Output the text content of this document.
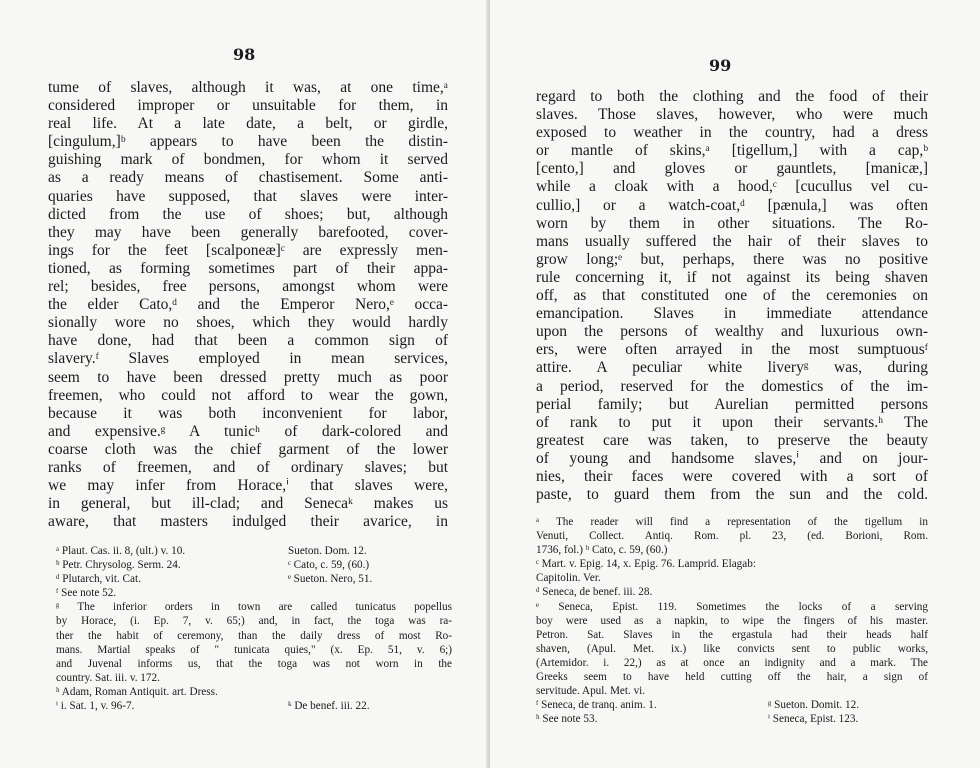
98
tume of slaves, although it was, at one time,ᵃ
considered improper or unsuitable for them, in
real life. At a late date, a belt, or girdle,
[cingulum,]ᵇ appears to have been the distin-
guishing mark of bondmen, for whom it served
as a ready means of chastisement. Some anti-
quaries have supposed, that slaves were inter-
dicted from the use of shoes; but, although
they may have been generally barefooted, cover-
ings for the feet [scalponeæ]ᶜ are expressly men-
tioned, as forming sometimes part of their appa-
rel; besides, free persons, amongst whom were
the elder Cato,ᵈ and the Emperor Nero,ᵉ occa-
sionally wore no shoes, which they would hardly
have done, had that been a common sign of
slavery.ᶠ Slaves employed in mean services,
seem to have been dressed pretty much as poor
freemen, who could not afford to wear the gown,
because it was both inconvenient for labor,
and expensive.ᵍ A tunicʰ of dark-colored and
coarse cloth was the chief garment of the lower
ranks of freemen, and of ordinary slaves; but
we may infer from Horace,ⁱ that slaves were,
in general, but ill-clad; and Senecaᵏ makes us
aware, that masters indulged their avarice, in
ᵃ Plaut. Cas. ii. 8, (ult.) v. 10.	Sueton. Dom. 12.
ᵇ Petr. Chrysolog. Serm. 24.	ᶜ Cato, c. 59, (60.)
ᵈ Plutarch, vit. Cat.	ᵉ Sueton. Nero, 51.
ᶠ See note 52.
ᵍ The inferior orders in town are called tunicatus popellus
by Horace, (i. Ep. 7, v. 65;) and, in fact, the toga was ra-
ther the habit of ceremony, than the daily dress of most Ro-
mans. Martial speaks of " tunicata quies," (x. Ep. 51, v. 6;)
and Juvenal informs us, that the toga was not worn in the
country. Sat. iii. v. 172.
ʰ Adam, Roman Antiquit. art. Dress.
ⁱ i. Sat. 1, v. 96-7.	ᵏ De benef. iii. 22.
99
regard to both the clothing and the food of their
slaves. Those slaves, however, who were much
exposed to weather in the country, had a dress
or mantle of skins,ᵃ [tigellum,] with a cap,ᵇ
[cento,] and gloves or gauntlets, [manicæ,]
while a cloak with a hood,ᶜ [cucullus vel cu-
cullio,] or a watch-coat,ᵈ [pænula,] was often
worn by them in other situations. The Ro-
mans usually suffered the hair of their slaves to
grow long;ᵉ but, perhaps, there was no positive
rule concerning it, if not against its being shaven
off, as that constituted one of the ceremonies on
emancipation. Slaves in immediate attendance
upon the persons of wealthy and luxurious own-
ers, were often arrayed in the most sumptuousᶠ
attire. A peculiar white liveryᵍ was, during
a period, reserved for the domestics of the im-
perial family; but Aurelian permitted persons
of rank to put it upon their servants.ʰ The
greatest care was taken, to preserve the beauty
of young and handsome slaves,ⁱ and on jour-
nies, their faces were covered with a sort of
paste, to guard them from the sun and the cold.
ᵃ The reader will find a representation of the tigellum in
Venuti, Collect. Antiq. Rom. pl. 23, (ed. Borioni, Rom.
1736, fol.) ᵇ Cato, c. 59, (60.)
ᶜ Mart. v. Epig. 14, x. Epig. 76. Lamprid. Elagab:
Capitolin. Ver.
ᵈ Seneca, de benef. iii. 28.
ᵉ Seneca, Epist. 119. Sometimes the locks of a serving
boy were used as a napkin, to wipe the fingers of his master.
Petron. Sat. Slaves in the ergastula had their heads half
shaven, (Apul. Met. ix.) like convicts sent to public works,
(Artemidor. i. 22,) as at once an indignity and a mark. The
Greeks seem to have held cutting off the hair, a sign of
servitude. Apul. Met. vi.
ᶠ Seneca, de tranq. anim. 1.	ᵍ Sueton. Domit. 12.
ʰ See note 53.	ⁱ Seneca, Epist. 123.
